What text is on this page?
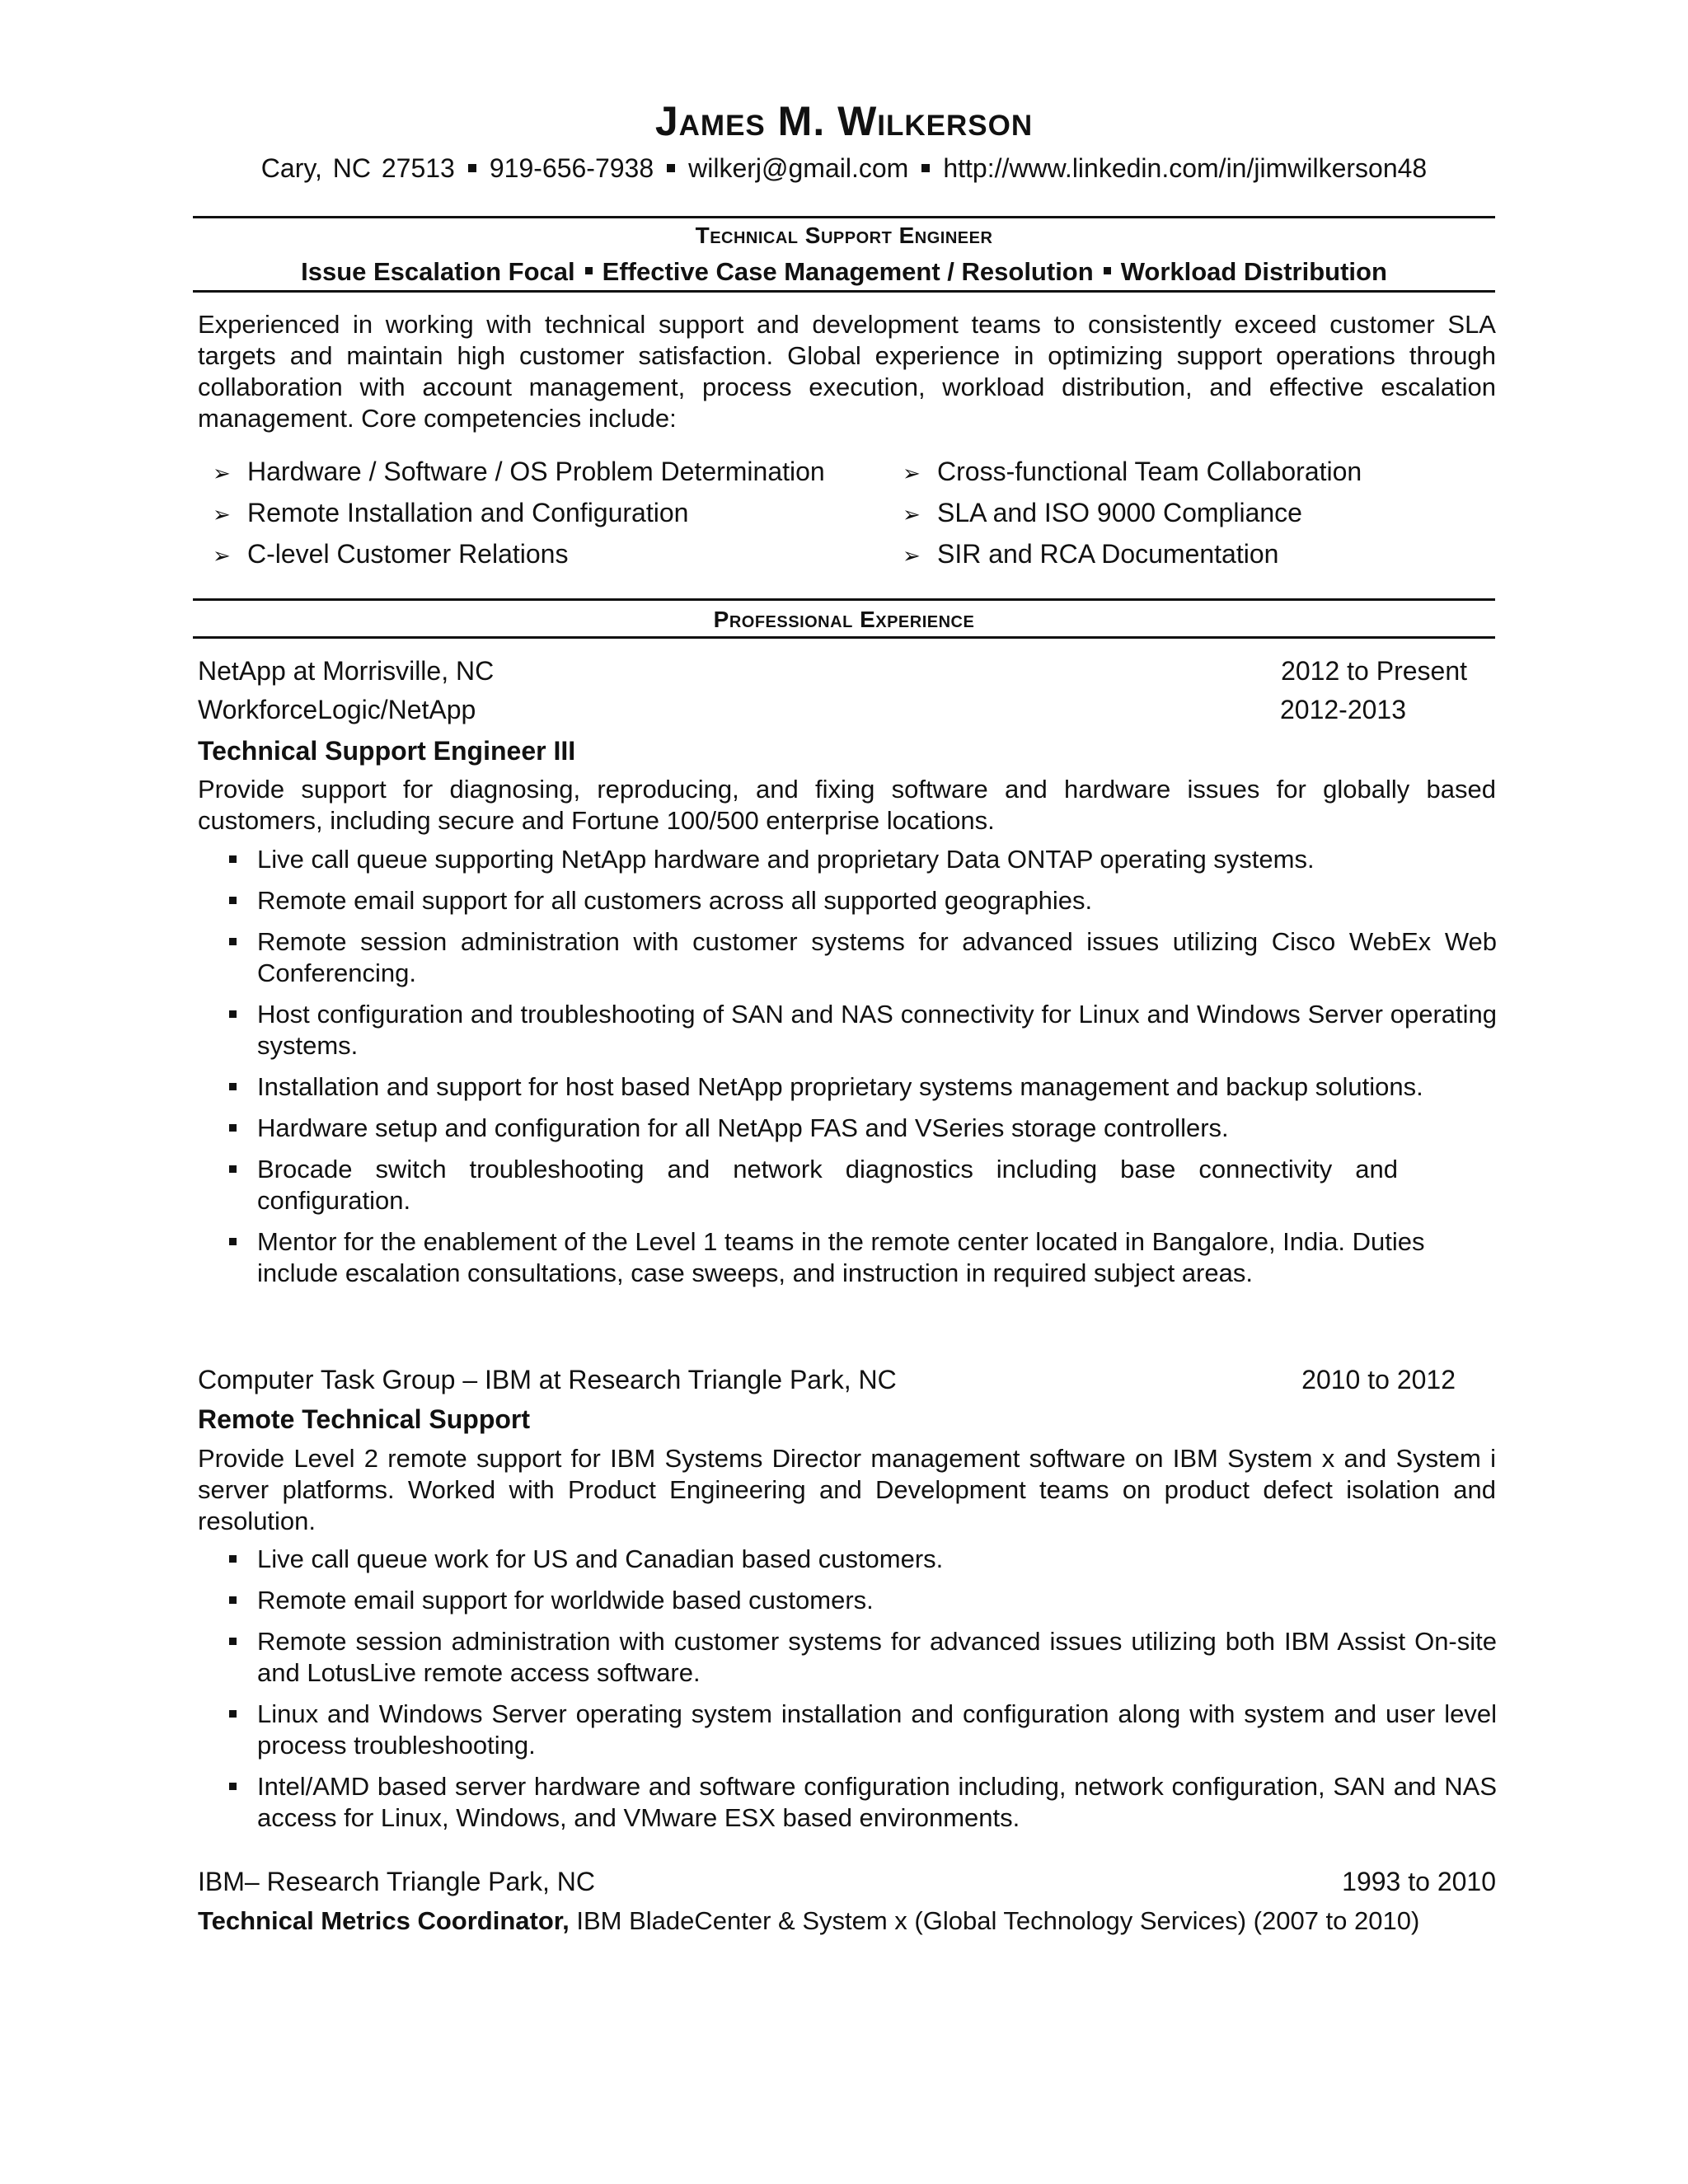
James M. Wilkerson
Cary, NC 27513 919-656-7938 wilkerj@gmail.com http://www.linkedin.com/in/jimwilkerson48
Technical Support Engineer
Issue Escalation Focal Effective Case Management / Resolution Workload Distribution
Experienced in working with technical support and development teams to consistently exceed customer SLA targets and maintain high customer satisfaction. Global experience in optimizing support operations through collaboration with account management, process execution, workload distribution, and effective escalation management. Core competencies include:
➢ Hardware / Software / OS Problem Determination
➢ Remote Installation and Configuration
➢ C-level Customer Relations
➢ Cross-functional Team Collaboration
➢ SLA and ISO 9000 Compliance
➢ SIR and RCA Documentation
Professional Experience
NetApp at Morrisville, NC	2012 to Present
WorkforceLogic/NetApp	2012-2013
Technical Support Engineer III
Provide support for diagnosing, reproducing, and fixing software and hardware issues for globally based customers, including secure and Fortune 100/500 enterprise locations.
Live call queue supporting NetApp hardware and proprietary Data ONTAP operating systems.
Remote email support for all customers across all supported geographies.
Remote session administration with customer systems for advanced issues utilizing Cisco WebEx Web Conferencing.
Host configuration and troubleshooting of SAN and NAS connectivity for Linux and Windows Server operating systems.
Installation and support for host based NetApp proprietary systems management and backup solutions.
Hardware setup and configuration for all NetApp FAS and VSeries storage controllers.
Brocade switch troubleshooting and network diagnostics including base connectivity and configuration.
Mentor for the enablement of the Level 1 teams in the remote center located in Bangalore, India. Duties include escalation consultations, case sweeps, and instruction in required subject areas.
Computer Task Group – IBM at Research Triangle Park, NC	2010 to 2012
Remote Technical Support
Provide Level 2 remote support for IBM Systems Director management software on IBM System x and System i server platforms. Worked with Product Engineering and Development teams on product defect isolation and resolution.
Live call queue work for US and Canadian based customers.
Remote email support for worldwide based customers.
Remote session administration with customer systems for advanced issues utilizing both IBM Assist On-site and LotusLive remote access software.
Linux and Windows Server operating system installation and configuration along with system and user level process troubleshooting.
Intel/AMD based server hardware and software configuration including, network configuration, SAN and NAS access for Linux, Windows, and VMware ESX based environments.
IBM– Research Triangle Park, NC	1993 to 2010
Technical Metrics Coordinator, IBM BladeCenter & System x (Global Technology Services) (2007 to 2010)
